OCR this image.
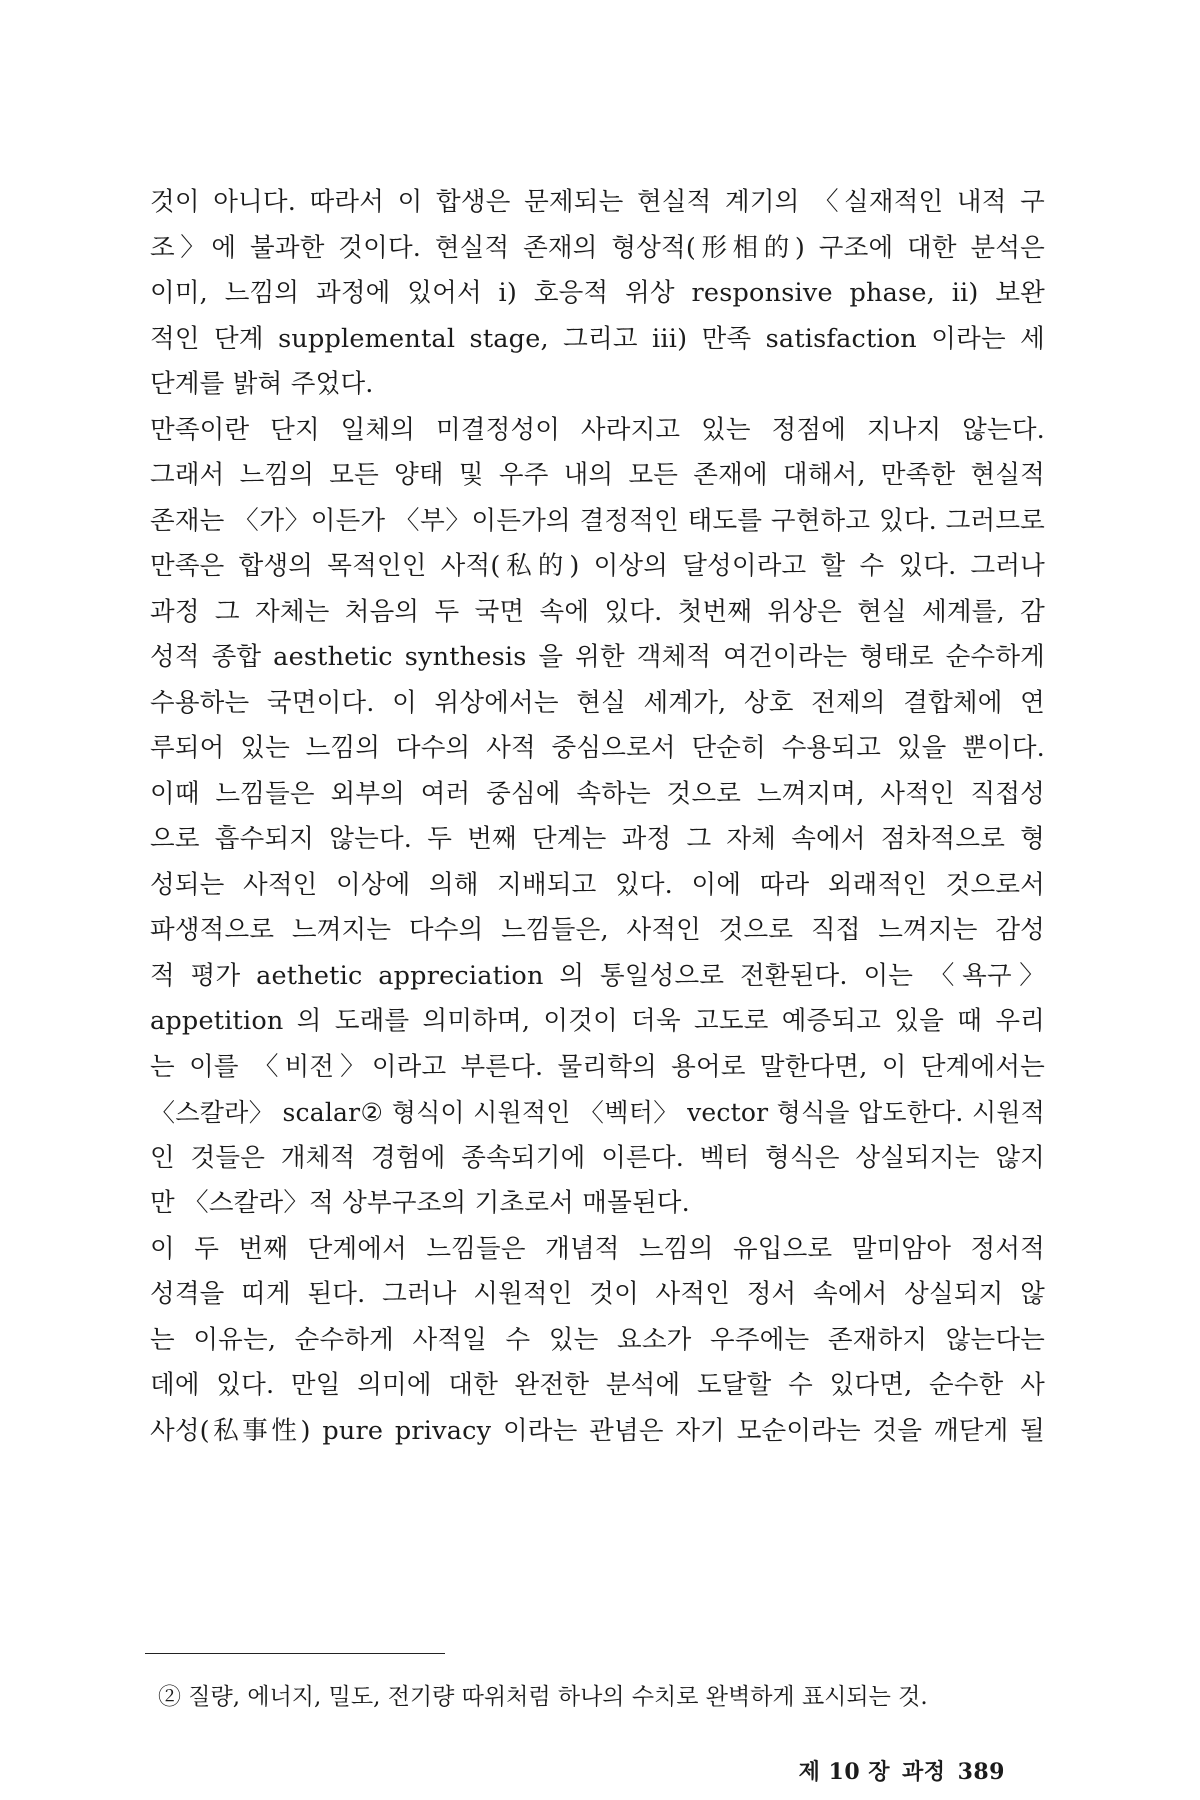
것이 아니다. 따라서 이 합생은 문제되는 현실적 계기의 〈실재적인 내적 구
조〉에 불과한 것이다. 현실적 존재의 형상적(形相的) 구조에 대한 분석은
이미, 느낌의 과정에 있어서 i) 호응적 위상 responsive phase, ii) 보완
적인 단계 supplemental stage, 그리고 iii) 만족 satisfaction 이라는 세
단계를 밝혀 주었다.
만족이란 단지 일체의 미결정성이 사라지고 있는 정점에 지나지 않는다.
그래서 느낌의 모든 양태 및 우주 내의 모든 존재에 대해서, 만족한 현실적
존재는 〈가〉이든가 〈부〉이든가의 결정적인 태도를 구현하고 있다. 그러므로
만족은 합생의 목적인인 사적(私的) 이상의 달성이라고 할 수 있다. 그러나
과정 그 자체는 처음의 두 국면 속에 있다. 첫번째 위상은 현실 세계를, 감
성적 종합 aesthetic synthesis 을 위한 객체적 여건이라는 형태로 순수하게
수용하는 국면이다. 이 위상에서는 현실 세계가, 상호 전제의 결합체에 연
루되어 있는 느낌의 다수의 사적 중심으로서 단순히 수용되고 있을 뿐이다.
이때 느낌들은 외부의 여러 중심에 속하는 것으로 느껴지며, 사적인 직접성
으로 흡수되지 않는다. 두 번째 단계는 과정 그 자체 속에서 점차적으로 형
성되는 사적인 이상에 의해 지배되고 있다. 이에 따라 외래적인 것으로서
파생적으로 느껴지는 다수의 느낌들은, 사적인 것으로 직접 느껴지는 감성
적 평가 aethetic appreciation 의 통일성으로 전환된다. 이는 〈욕구〉
appetition 의 도래를 의미하며, 이것이 더욱 고도로 예증되고 있을 때 우리
는 이를 〈비전〉이라고 부른다. 물리학의 용어로 말한다면, 이 단계에서는
〈스칼라〉 scalar② 형식이 시원적인 〈벡터〉 vector 형식을 압도한다. 시원적
인 것들은 개체적 경험에 종속되기에 이른다. 벡터 형식은 상실되지는 않지
만 〈스칼라〉적 상부구조의 기초로서 매몰된다.
이 두 번째 단계에서 느낌들은 개념적 느낌의 유입으로 말미암아 정서적
성격을 띠게 된다. 그러나 시원적인 것이 사적인 정서 속에서 상실되지 않
는 이유는, 순수하게 사적일 수 있는 요소가 우주에는 존재하지 않는다는
데에 있다. 만일 의미에 대한 완전한 분석에 도달할 수 있다면, 순수한 사
사성(私事性) pure privacy 이라는 관념은 자기 모순이라는 것을 깨닫게 될
② 질량, 에너지, 밀도, 전기량 따위처럼 하나의 수치로 완벽하게 표시되는 것.
제 10 장 과정 389
